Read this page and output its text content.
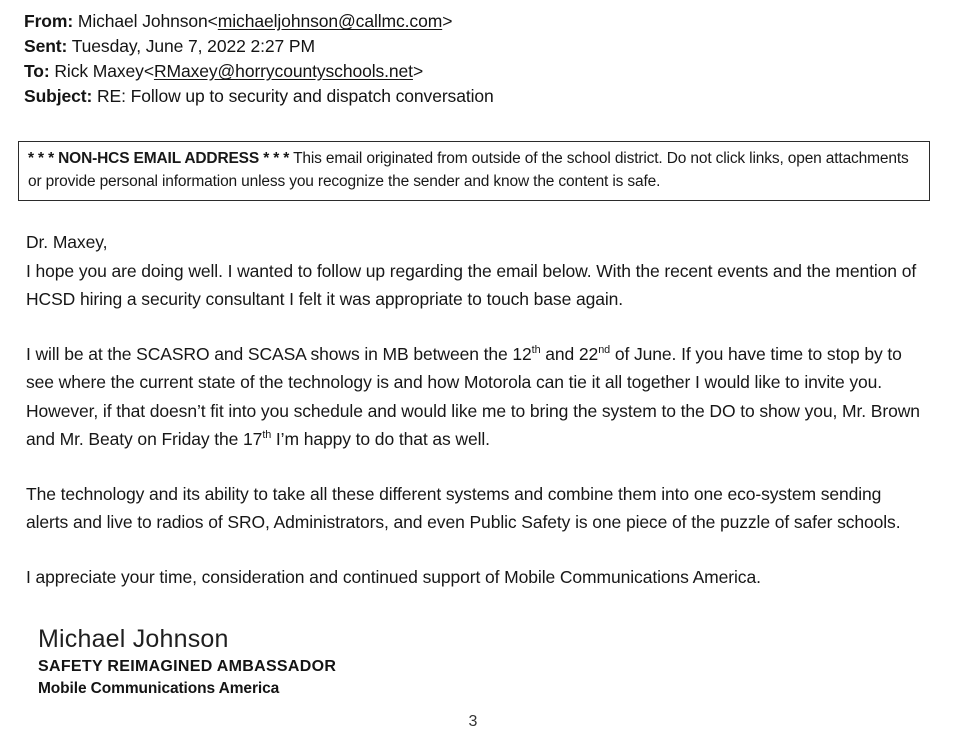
From: Michael Johnson<michaeljohnson@callmc.com>
Sent: Tuesday, June 7, 2022 2:27 PM
To: Rick Maxey<RMaxey@horrycountyschools.net>
Subject: RE: Follow up to security and dispatch conversation
* * * NON-HCS EMAIL ADDRESS * * * This email originated from outside of the school district. Do not click links, open attachments or provide personal information unless you recognize the sender and know the content is safe.

Dr. Maxey,

I hope you are doing well. I wanted to follow up regarding the email below. With the recent events and the mention of HCSD hiring a security consultant I felt it was appropriate to touch base again.

I will be at the SCASRO and SCASA shows in MB between the 12th and 22nd of June. If you have time to stop by to see where the current state of the technology is and how Motorola can tie it all together I would like to invite you. However, if that doesn’t fit into you schedule and would like me to bring the system to the DO to show you, Mr. Brown and Mr. Beaty on Friday the 17th I’m happy to do that as well.

The technology and its ability to take all these different systems and combine them into one eco-system sending alerts and live to radios of SRO, Administrators, and even Public Safety is one piece of the puzzle of safer schools.

I appreciate your time, consideration and continued support of Mobile Communications America.

Michael Johnson
SAFETY REIMAGINED AMBASSADOR
Mobile Communications America
3
